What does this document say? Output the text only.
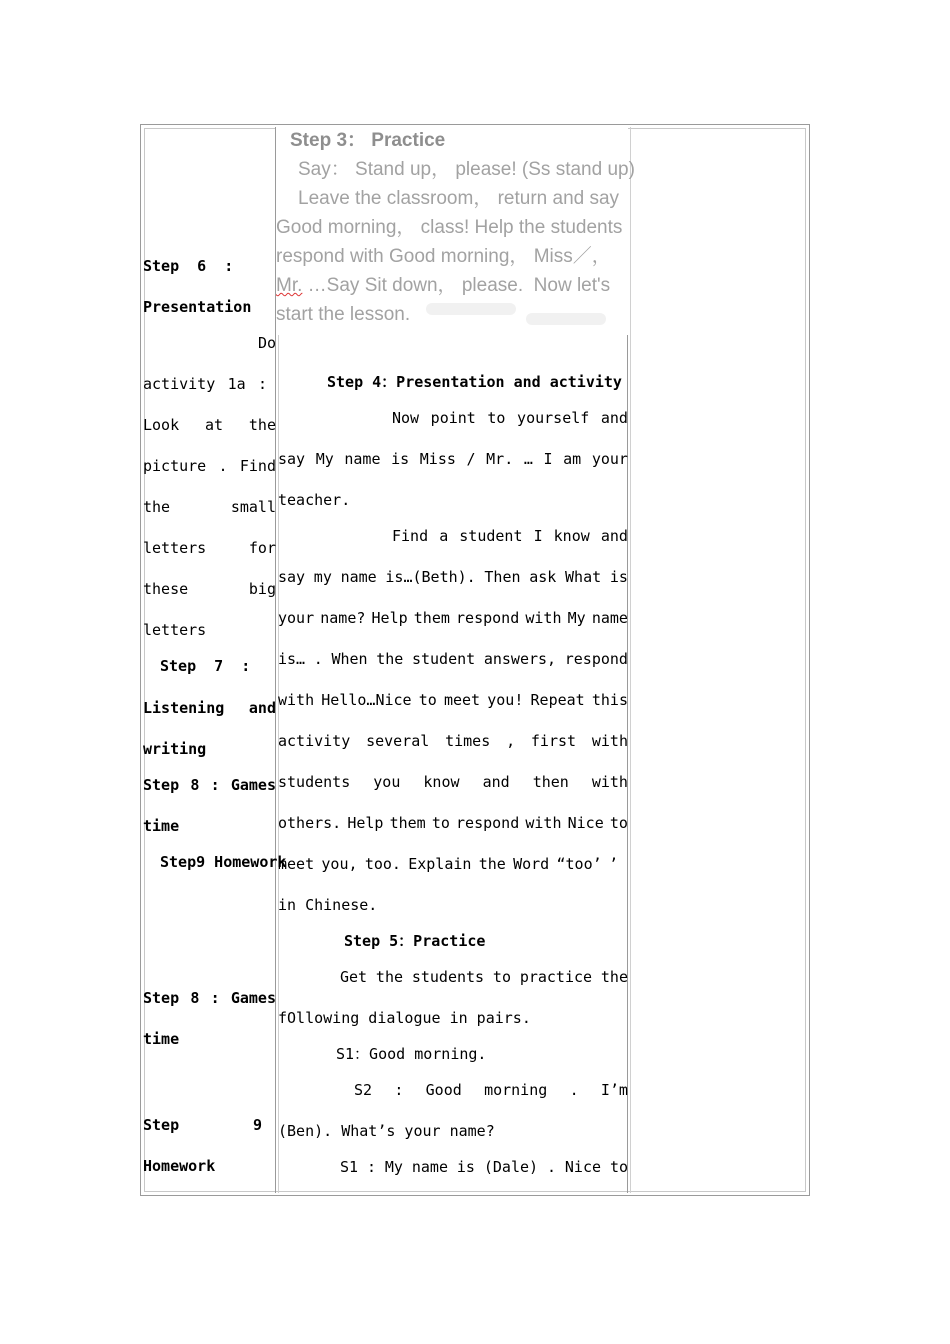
Step  6  :
Presentation
Do
activity 1a :
Look at the
picture . Find
the	small
letters	for
these	big
letters
Step  7  :
Listening and
writing
Step 8 : Games
time
Step9 Homework
Step 8 : Games
time
Step	9
Homework
Step 3： Practice
Say： Stand up， please! (Ss stand up)
Leave the classroom， return and say
Good morning， class! Help the students
respond with Good morning， Miss／，
Mr. …Say Sit down， please.  Now let's
start the lesson.
Step 4：Presentation and activity
Now point to yourself and
say My name is Miss / Mr. … I am your
teacher.
Find a student I know and
say my name is…(Beth). Then ask What is
your name? Help them respond with My name
is… . When the student answers, respond
with Hello…Nice to meet you! Repeat this
activity several times , first with
students you know and then with
others. Help them to respond with Nice to
meet you, too. Explain the Word “too’ ’
in Chinese.
Step 5：Practice
Get the students to practice the
fOllowing dialogue in pairs.
S1：Good morning.
S2 : Good morning . I’m
(Ben). What’s your name?
S1 : My name is (Dale) . Nice to
